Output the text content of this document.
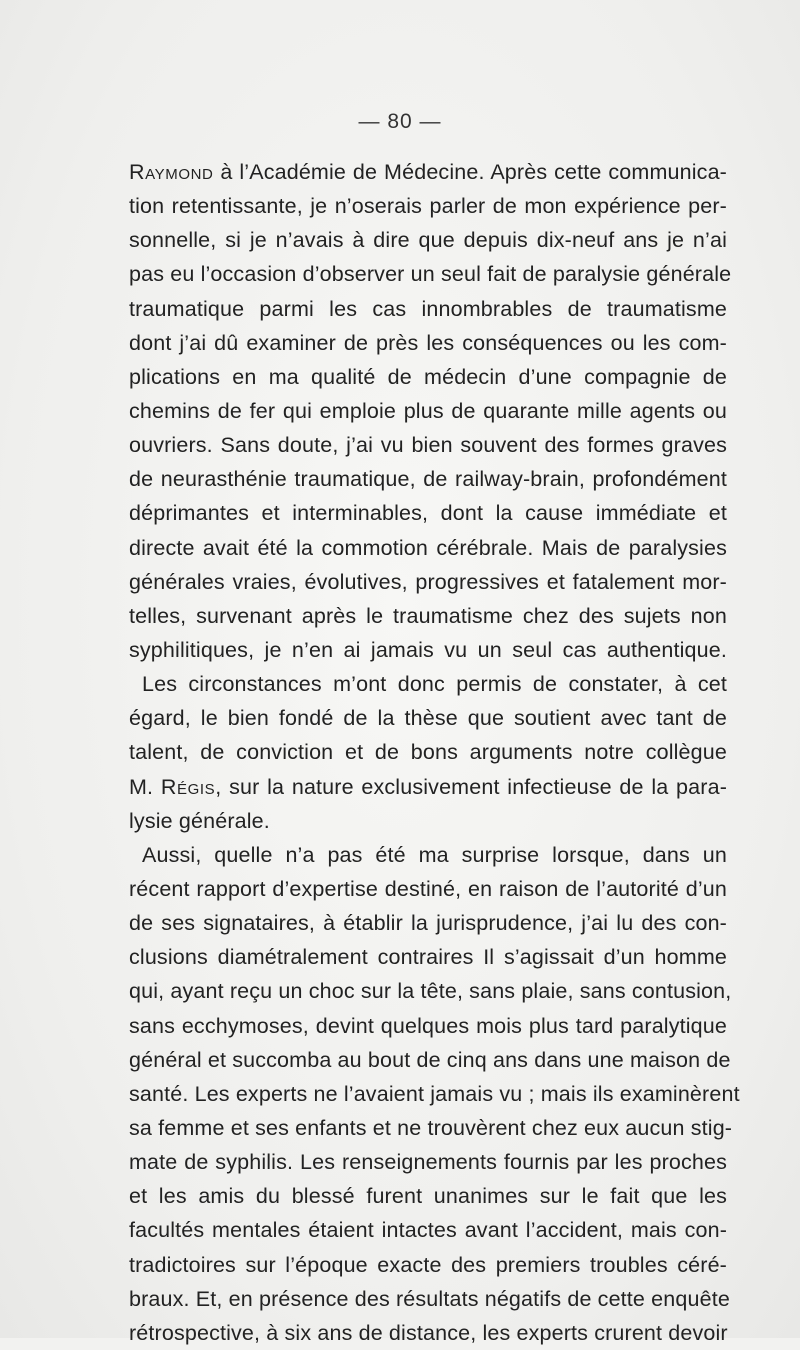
— 80 —
Raymond à l’Académie de Médecine. Après cette communica-
tion retentissante, je n’oserais parler de mon expérience per-
sonnelle, si je n’avais à dire que depuis dix-neuf ans je n’ai
pas eu l’occasion d’observer un seul fait de paralysie générale
traumatique parmi les cas innombrables de traumatisme
dont j’ai dû examiner de près les conséquences ou les com-
plications en ma qualité de médecin d’une compagnie de
chemins de fer qui emploie plus de quarante mille agents ou
ouvriers. Sans doute, j’ai vu bien souvent des formes graves
de neurasthénie traumatique, de railway-brain, profondément
déprimantes et interminables, dont la cause immédiate et
directe avait été la commotion cérébrale. Mais de paralysies
générales vraies, évolutives, progressives et fatalement mor-
telles, survenant après le traumatisme chez des sujets non
syphilitiques, je n’en ai jamais vu un seul cas authentique.
Les circonstances m’ont donc permis de constater, à cet
égard, le bien fondé de la thèse que soutient avec tant de
talent, de conviction et de bons arguments notre collègue
M. Régis, sur la nature exclusivement infectieuse de la para-
lysie générale.
Aussi, quelle n’a pas été ma surprise lorsque, dans un
récent rapport d’expertise destiné, en raison de l’autorité d’un
de ses signataires, à établir la jurisprudence, j’ai lu des con-
clusions diamétralement contraires Il s’agissait d’un homme
qui, ayant reçu un choc sur la tête, sans plaie, sans contusion,
sans ecchymoses, devint quelques mois plus tard paralytique
général et succomba au bout de cinq ans dans une maison de
santé. Les experts ne l’avaient jamais vu ; mais ils examinèrent
sa femme et ses enfants et ne trouvèrent chez eux aucun stig-
mate de syphilis. Les renseignements fournis par les proches
et les amis du blessé furent unanimes sur le fait que les
facultés mentales étaient intactes avant l’accident, mais con-
tradictoires sur l’époque exacte des premiers troubles céré-
braux. Et, en présence des résultats négatifs de cette enquête
rétrospective, à six ans de distance, les experts crurent devoir
